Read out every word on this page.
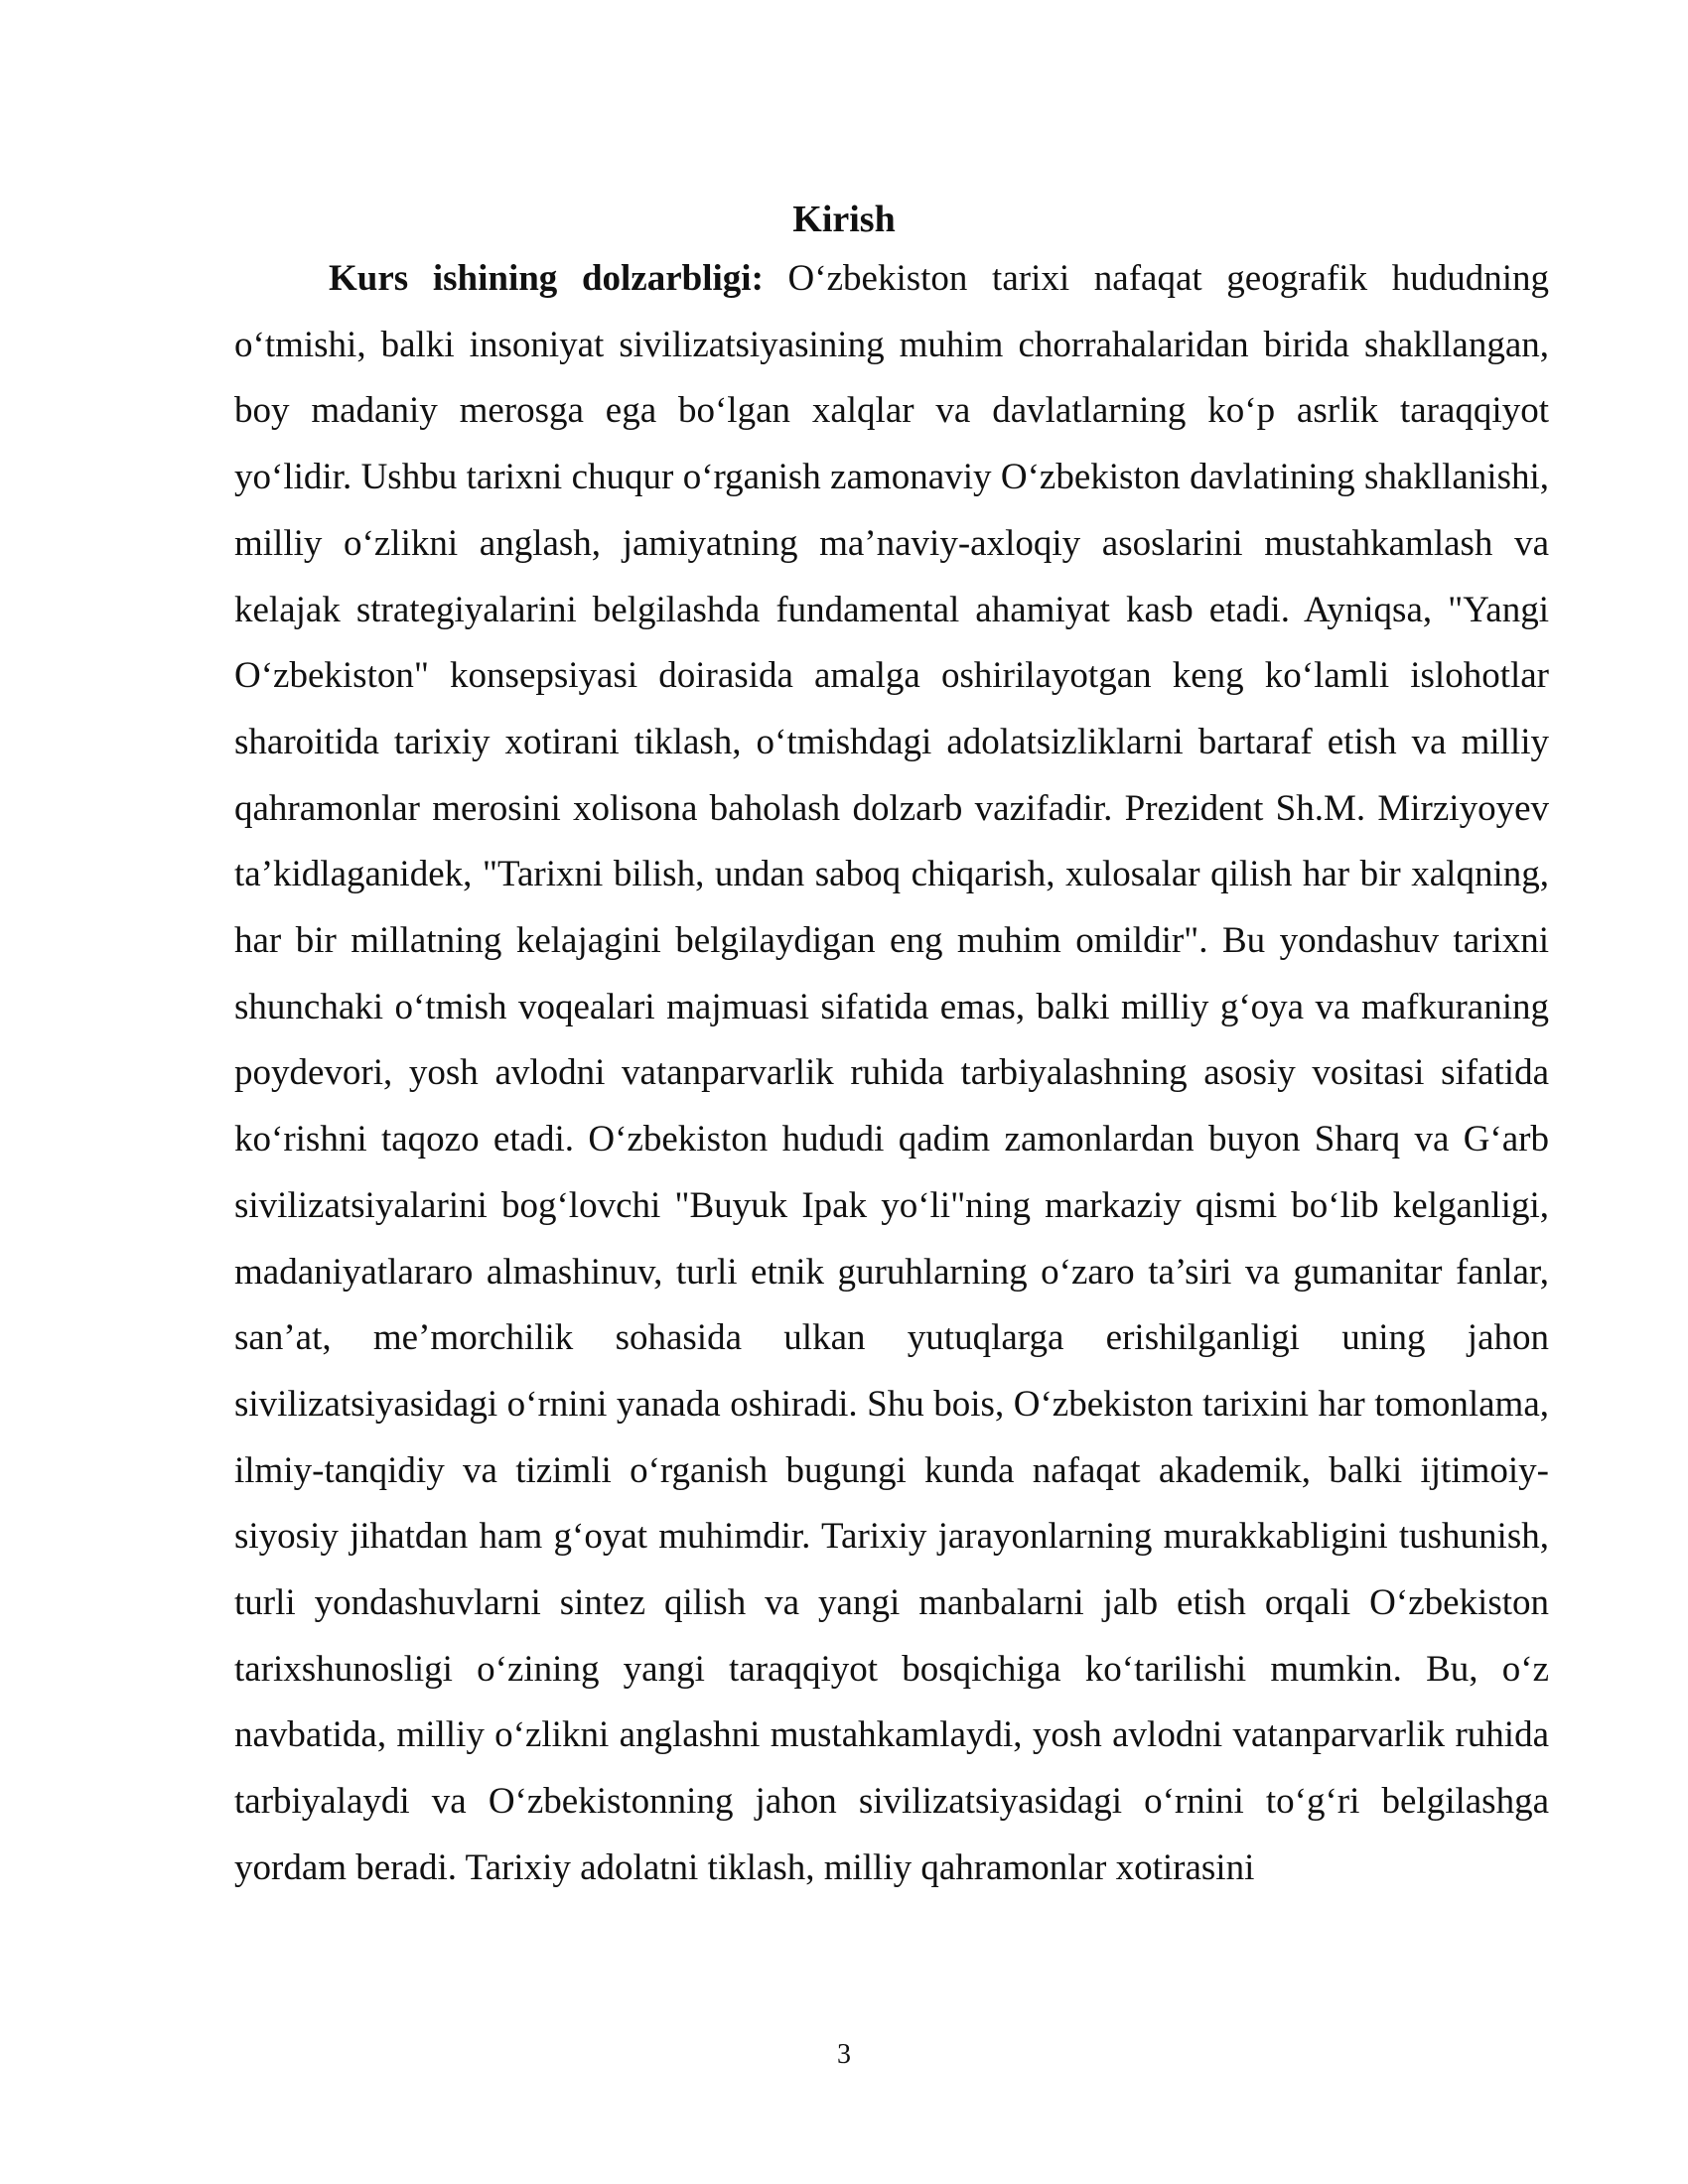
Kirish

Kurs ishining dolzarbligi: O‘zbekiston tarixi nafaqat geografik hududning o‘tmishi, balki insoniyat sivilizatsiyasining muhim chorrahalaridan birida shakllangan, boy madaniy merosga ega bo‘lgan xalqlar va davlatlarning ko‘p asrlik taraqqiyot yo‘lidir. Ushbu tarixni chuqur o‘rganish zamonaviy O‘zbekiston davlatining shakllanishi, milliy o‘zlikni anglash, jamiyatning ma’naviy-axloqiy asoslarini mustahkamlash va kelajak strategiyalarini belgilashda fundamental ahamiyat kasb etadi. Ayniqsa, "Yangi O‘zbekiston" konsepsiyasi doirasida amalga oshirilayotgan keng ko‘lamli islohotlar sharoitida tarixiy xotirani tiklash, o‘tmishdagi adolatsizliklarni bartaraf etish va milliy qahramonlar merosini xolisona baholash dolzarb vazifadir. Prezident Sh.M. Mirziyoyev ta’kidlaganidek, "Tarixni bilish, undan saboq chiqarish, xulosalar qilish har bir xalqning, har bir millatning kelajagini belgilaydigan eng muhim omildir". Bu yondashuv tarixni shunchaki o‘tmish voqealari majmuasi sifatida emas, balki milliy g‘oya va mafkuraning poydevori, yosh avlodni vatanparvarlik ruhida tarbiyalashning asosiy vositasi sifatida ko‘rishni taqozo etadi. O‘zbekiston hududi qadim zamonlardan buyon Sharq va G‘arb sivilizatsiyalarini bog‘lovchi "Buyuk Ipak yo‘li"ning markaziy qismi bo‘lib kelganligi, madaniyatlararo almashinuv, turli etnik guruhlarning o‘zaro ta’siri va gumanitar fanlar, san’at, me’morchilik sohasida ulkan yutuqlarga erishilganligi uning jahon sivilizatsiyasidagi o‘rnini yanada oshiradi. Shu bois, O‘zbekiston tarixini har tomonlama, ilmiy-tanqidiy va tizimli o‘rganish bugungi kunda nafaqat akademik, balki ijtimoiy-siyosiy jihatdan ham g‘oyat muhimdir. Tarixiy jarayonlarning murakkabligini tushunish, turli yondashuvlarni sintez qilish va yangi manbalarni jalb etish orqali O‘zbekiston tarixshunosligi o‘zining yangi taraqqiyot bosqichiga ko‘tarilishi mumkin. Bu, o‘z navbatida, milliy o‘zlikni anglashni mustahkamlaydi, yosh avlodni vatanparvarlik ruhida tarbiyalaydi va O‘zbekistonning jahon sivilizatsiyasidagi o‘rnini to‘g‘ri belgilashga yordam beradi. Tarixiy adolatni tiklash, milliy qahramonlar xotirasini

3
